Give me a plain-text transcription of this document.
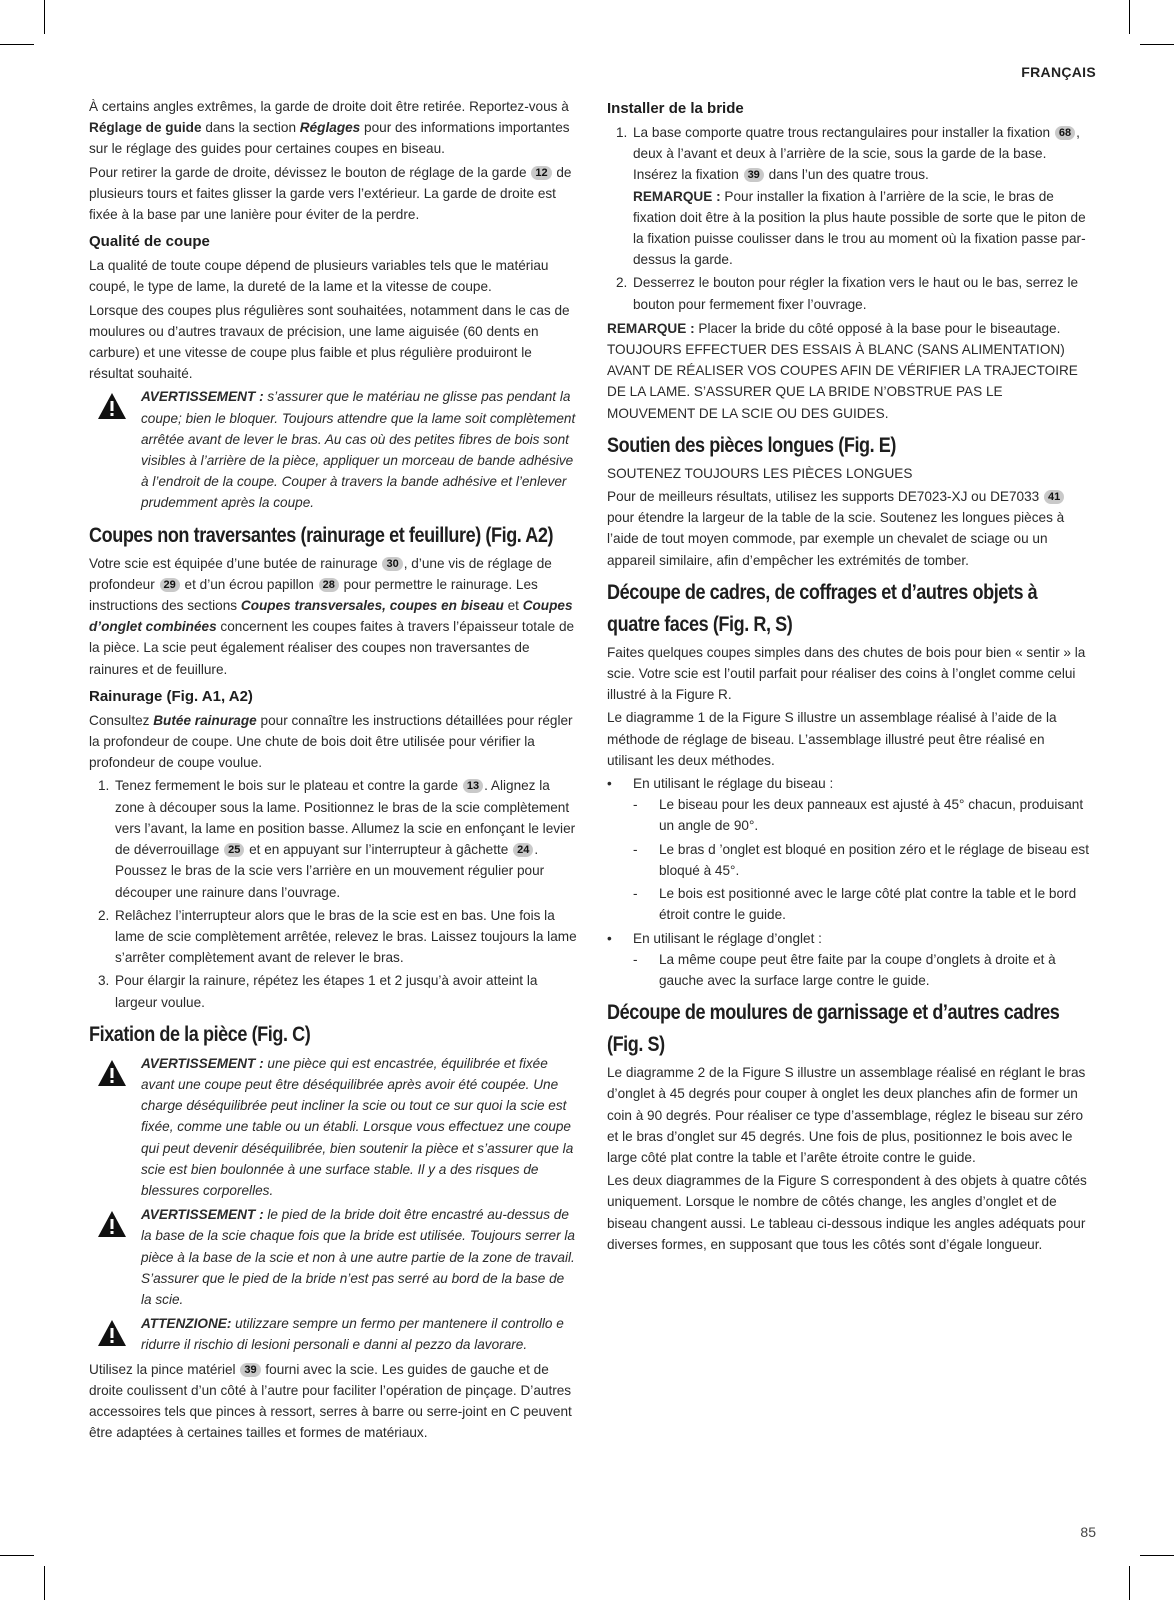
FRANÇAIS

À certains angles extrêmes, la garde de droite doit être retirée. Reportez-vous à Réglage de guide dans la section Réglages pour des informations importantes sur le réglage des guides pour certaines coupes en biseau.

Pour retirer la garde de droite, dévissez le bouton de réglage de la garde 12 de plusieurs tours et faites glisser la garde vers l’extérieur. La garde de droite est fixée à la base par une lanière pour éviter de la perdre.

Qualité de coupe

La qualité de toute coupe dépend de plusieurs variables tels que le matériau coupé, le type de lame, la dureté de la lame et la vitesse de coupe.

Lorsque des coupes plus régulières sont souhaitées, notamment dans le cas de moulures ou d’autres travaux de précision, une lame aiguisée (60 dents en carbure) et une vitesse de coupe plus faible et plus régulière produiront le résultat souhaité.

AVERTISSEMENT : s’assurer que le matériau ne glisse pas pendant la coupe; bien le bloquer. Toujours attendre que la lame soit complètement arrêtée avant de lever le bras. Au cas où des petites fibres de bois sont visibles à l’arrière de la pièce, appliquer un morceau de bande adhésive à l’endroit de la coupe. Couper à travers la bande adhésive et l’enlever prudemment après la coupe.
Coupes non traversantes (rainurage et feuillure) (Fig. A2)

Votre scie est équipée d’une butée de rainurage 30 , d’une vis de réglage de profondeur 29 et d’un écrou papillon 28 pour permettre le rainurage. Les instructions des sections Coupes transversales, coupes en biseau et Coupes d’onglet combinées concernent les coupes faites à travers l’épaisseur totale de la pièce. La scie peut également réaliser des coupes non traversantes de rainures et de feuillure.

Rainurage (Fig. A1, A2)

Consultez Butée rainurage pour connaître les instructions détaillées pour régler la profondeur de coupe. Une chute de bois doit être utilisée pour vérifier la profondeur de coupe voulue.

1. Tenez fermement le bois sur le plateau et contre la garde 13 . Alignez la zone à découper sous la lame. Positionnez le bras de la scie complètement vers l’avant, la lame en position basse. Allumez la scie en enfonçant le levier de déverrouillage 25 et en appuyant sur l’interrupteur à gâchette 24 . Poussez le bras de la scie vers l’arrière en un mouvement régulier pour découper une rainure dans l’ouvrage.
2. Relâchez l’interrupteur alors que le bras de la scie est en bas. Une fois la lame de scie complètement arrêtée, relevez le bras. Laissez toujours la lame s’arrêter complètement avant de relever le bras.
3. Pour élargir la rainure, répétez les étapes 1 et 2 jusqu’à avoir atteint la largeur voulue.
Fixation de la pièce (Fig. C)
AVERTISSEMENT : une pièce qui est encastrée, équilibrée et fixée avant une coupe peut être déséquilibrée après avoir été coupée. Une charge déséquilibrée peut incliner la scie ou tout ce sur quoi la scie est fixée, comme une table ou un établi. Lorsque vous effectuez une coupe qui peut devenir déséquilibrée, bien soutenir la pièce et s’assurer que la scie est bien boulonnée à une surface stable. Il y a des risques de blessures corporelles.
AVERTISSEMENT : le pied de la bride doit être encastré au-dessus de la base de la scie chaque fois que la bride est utilisée. Toujours serrer la pièce à la base de la scie et non à une autre partie de la zone de travail. S’assurer que le pied de la bride n’est pas serré au bord de la base de la scie.
ATTENZIONE: utilizzare sempre un fermo per mantenere il controllo e ridurre il rischio di lesioni personali e danni al pezzo da lavorare.

Utilisez la pince matériel 39 fourni avec la scie. Les guides de gauche et de droite coulissent d’un côté à l’autre pour faciliter l’opération de pinçage. D’autres accessoires tels que pinces à ressort, serres à barre ou serre-joint en C peuvent être adaptées à certaines tailles et formes de matériaux.

Installer de la bride
1. La base comporte quatre trous rectangulaires pour installer la fixation 68 , deux à l’avant et deux à l’arrière de la scie, sous la garde de la base. Insérez la fixation 39 dans l’un des quatre trous.
REMARQUE : Pour installer la fixation à l’arrière de la scie, le bras de fixation doit être à la position la plus haute possible de sorte que le piton de la fixation puisse coulisser dans le trou au moment où la fixation passe par-dessus la garde.
2. Desserrez le bouton pour régler la fixation vers le haut ou le bas, serrez le bouton pour fermement fixer l’ouvrage.

REMARQUE : Placer la bride du côté opposé à la base pour le biseautage.
TOUJOURS EFFECTUER DES ESSAIS À BLANC (SANS ALIMENTATION) AVANT DE RÉALISER VOS COUPES AFIN DE VÉRIFIER LA TRAJECTOIRE DE LA LAME. S’ASSURER QUE LA BRIDE N’OBSTRUE PAS LE MOUVEMENT DE LA SCIE OU DES GUIDES.

Soutien des pièces longues (Fig. E)

SOUTENEZ TOUJOURS LES PIÈCES LONGUES

Pour de meilleurs résultats, utilisez les supports DE7023-XJ ou DE7033 41 pour étendre la largeur de la table de la scie. Soutenez les longues pièces à l’aide de tout moyen commode, par exemple un chevalet de sciage ou un appareil similaire, afin d’empêcher les extrémités de tomber.

Découpe de cadres, de coffrages et d’autres objets à quatre faces (Fig. R, S)

Faites quelques coupes simples dans des chutes de bois pour bien « sentir » la scie. Votre scie est l’outil parfait pour réaliser des coins à l’onglet comme celui illustré à la Figure R.

Le diagramme 1 de la Figure S illustre un assemblage réalisé à l’aide de la méthode de réglage de biseau. L’assemblage illustré peut être réalisé en utilisant les deux méthodes.

• En utilisant le réglage du biseau :
- Le biseau pour les deux panneaux est ajusté à 45° chacun, produisant un angle de 90°.
- Le bras d ’onglet est bloqué en position zéro et le réglage de biseau est bloqué à 45°.
- Le bois est positionné avec le large côté plat contre la table et le bord étroit contre le guide.
• En utilisant le réglage d’onglet :
- La même coupe peut être faite par la coupe d’onglets à droite et à gauche avec la surface large contre le guide.
Découpe de moulures de garnissage et d’autres cadres (Fig. S)

Le diagramme 2 de la Figure S illustre un assemblage réalisé en réglant le bras d’onglet à 45 degrés pour couper à onglet les deux planches afin de former un coin à 90 degrés. Pour réaliser ce type d’assemblage, réglez le biseau sur zéro et le bras d’onglet sur 45 degrés. Une fois de plus, positionnez le bois avec le large côté plat contre la table et l’arête étroite contre le guide.

Les deux diagrammes de la Figure S correspondent à des objets à quatre côtés uniquement. Lorsque le nombre de côtés change, les angles d’onglet et de biseau changent aussi. Le tableau ci-dessous indique les angles adéquats pour diverses formes, en supposant que tous les côtés sont d’égale longueur.

85
